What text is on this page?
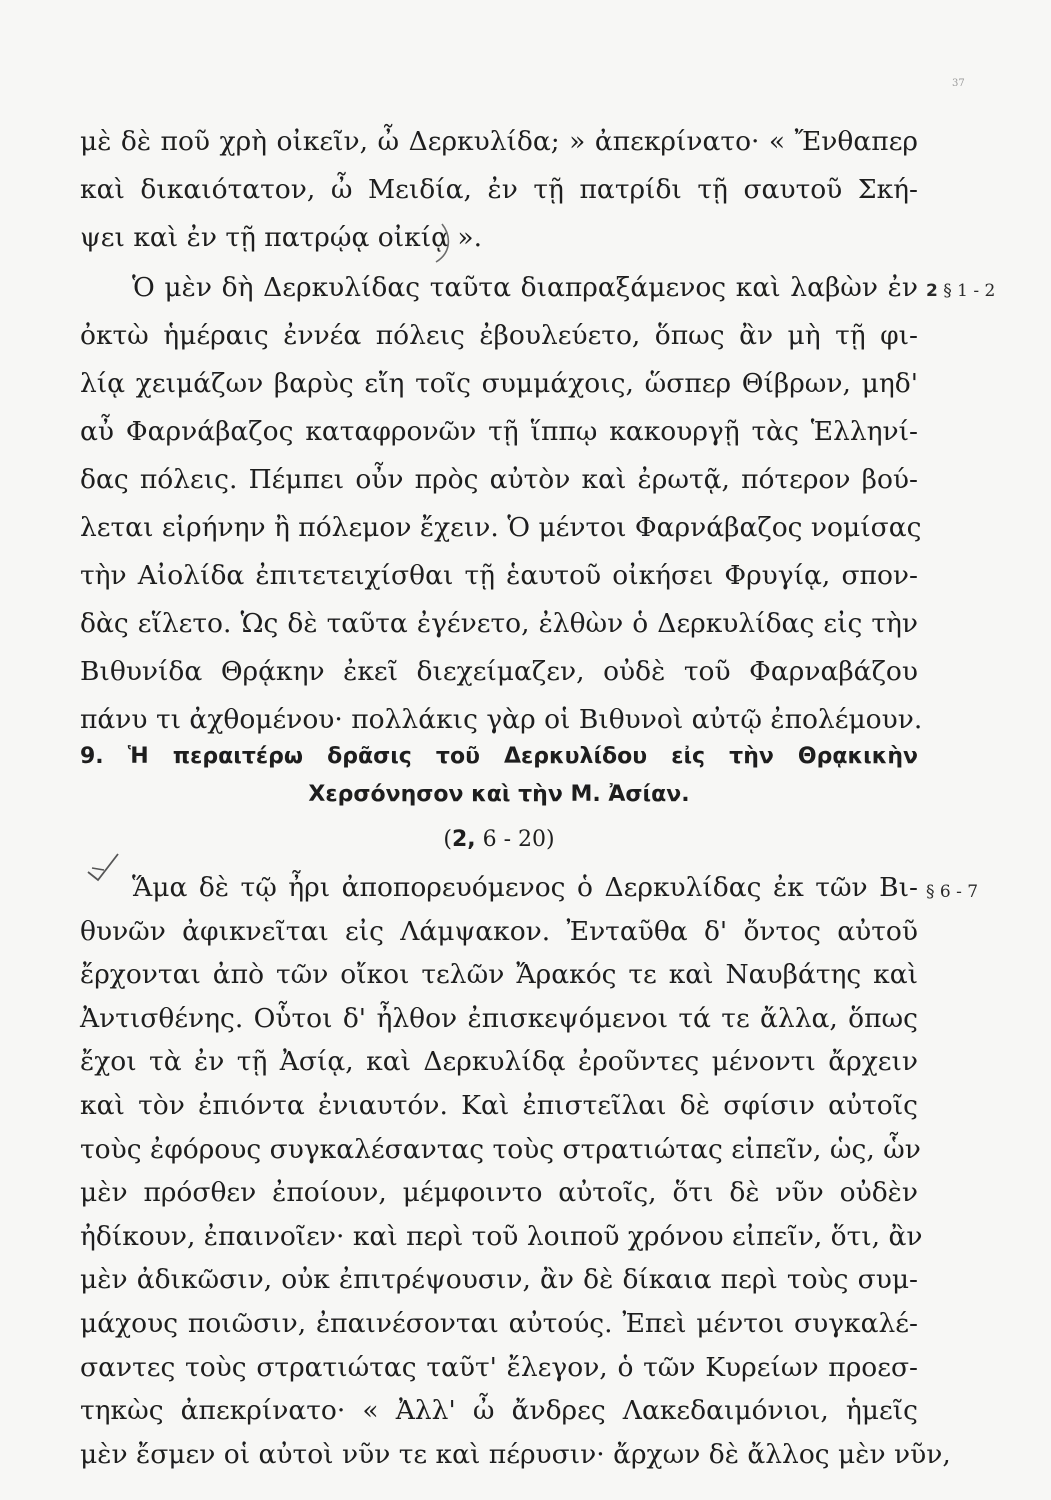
37
μὲ δὲ ποῦ χρὴ οἰκεῖν, ὦ Δερκυλίδα; » ἀπεκρίνατο· « Ἔνθαπερ
καὶ δικαιότατον, ὦ Μειδία, ἐν τῇ πατρίδι τῇ σαυτοῦ Σκή-
ψει καὶ ἐν τῇ πατρῴᾳ οἰκίᾳ ».
Ὁ μὲν δὴ Δερκυλίδας ταῦτα διαπραξάμενος καὶ λαβὼν ἐν 2 § 1 - 2
ὀκτὼ ἡμέραις ἐννέα πόλεις ἐβουλεύετο, ὅπως ἂν μὴ τῇ φι-
λίᾳ χειμάζων βαρὺς εἴη τοῖς συμμάχοις, ὥσπερ Θίβρων, μηδ'
αὖ Φαρνάβαζος καταφρονῶν τῇ ἵππῳ κακουργῇ τὰς Ἑλληνί-
δας πόλεις. Πέμπει οὖν πρὸς αὐτὸν καὶ ἐρωτᾷ, πότερον βού-
λεται εἰρήνην ἢ πόλεμον ἔχειν. Ὁ μέντοι Φαρνάβαζος νομίσας
τὴν Αἰολίδα ἐπιτετειχίσθαι τῇ ἑαυτοῦ οἰκήσει Φρυγίᾳ, σπον-
δὰς εἵλετο. Ὡς δὲ ταῦτα ἐγένετο, ἐλθὼν ὁ Δερκυλίδας εἰς τὴν
Βιθυνίδα Θρᾴκην ἐκεῖ διεχείμαζεν, οὐδὲ τοῦ Φαρναβάζου
πάνυ τι ἀχθομένου· πολλάκις γὰρ οἱ Βιθυνοὶ αὐτῷ ἐπολέμουν.
9. Ἡ περαιτέρω δρᾶσις τοῦ Δερκυλίδου εἰς τὴν Θρᾳκικὴν
Χερσόνησον καὶ τὴν Μ. Ἀσίαν.
(2, 6 - 20)
Ἅμα δὲ τῷ ἦρι ἀποπορευόμενος ὁ Δερκυλίδας ἐκ τῶν Βι- § 6 - 7
θυνῶν ἀφικνεῖται εἰς Λάμψακον. Ἐνταῦθα δ' ὄντος αὐτοῦ
ἔρχονται ἀπὸ τῶν οἴκοι τελῶν Ἄρακός τε καὶ Ναυβάτης καὶ
Ἀντισθένης. Οὗτοι δ' ἦλθον ἐπισκεψόμενοι τά τε ἄλλα, ὅπως
ἔχοι τὰ ἐν τῇ Ἀσίᾳ, καὶ Δερκυλίδᾳ ἐροῦντες μένοντι ἄρχειν
καὶ τὸν ἐπιόντα ἐνιαυτόν. Καὶ ἐπιστεῖλαι δὲ σφίσιν αὐτοῖς
τοὺς ἐφόρους συγκαλέσαντας τοὺς στρατιώτας εἰπεῖν, ὡς, ὧν
μὲν πρόσθεν ἐποίουν, μέμφοιντο αὐτοῖς, ὅτι δὲ νῦν οὐδὲν
ἠδίκουν, ἐπαινοῖεν· καὶ περὶ τοῦ λοιποῦ χρόνου εἰπεῖν, ὅτι, ἂν
μὲν ἀδικῶσιν, οὐκ ἐπιτρέψουσιν, ἂν δὲ δίκαια περὶ τοὺς συμ-
μάχους ποιῶσιν, ἐπαινέσονται αὐτούς. Ἐπεὶ μέντοι συγκαλέ-
σαντες τοὺς στρατιώτας ταῦτ' ἔλεγον, ὁ τῶν Κυρείων προεσ-
τηκὼς ἀπεκρίνατο· « Ἀλλ' ὦ ἄνδρες Λακεδαιμόνιοι, ἡμεῖς
μὲν ἔσμεν οἱ αὐτοὶ νῦν τε καὶ πέρυσιν· ἄρχων δὲ ἄλλος μὲν νῦν,
